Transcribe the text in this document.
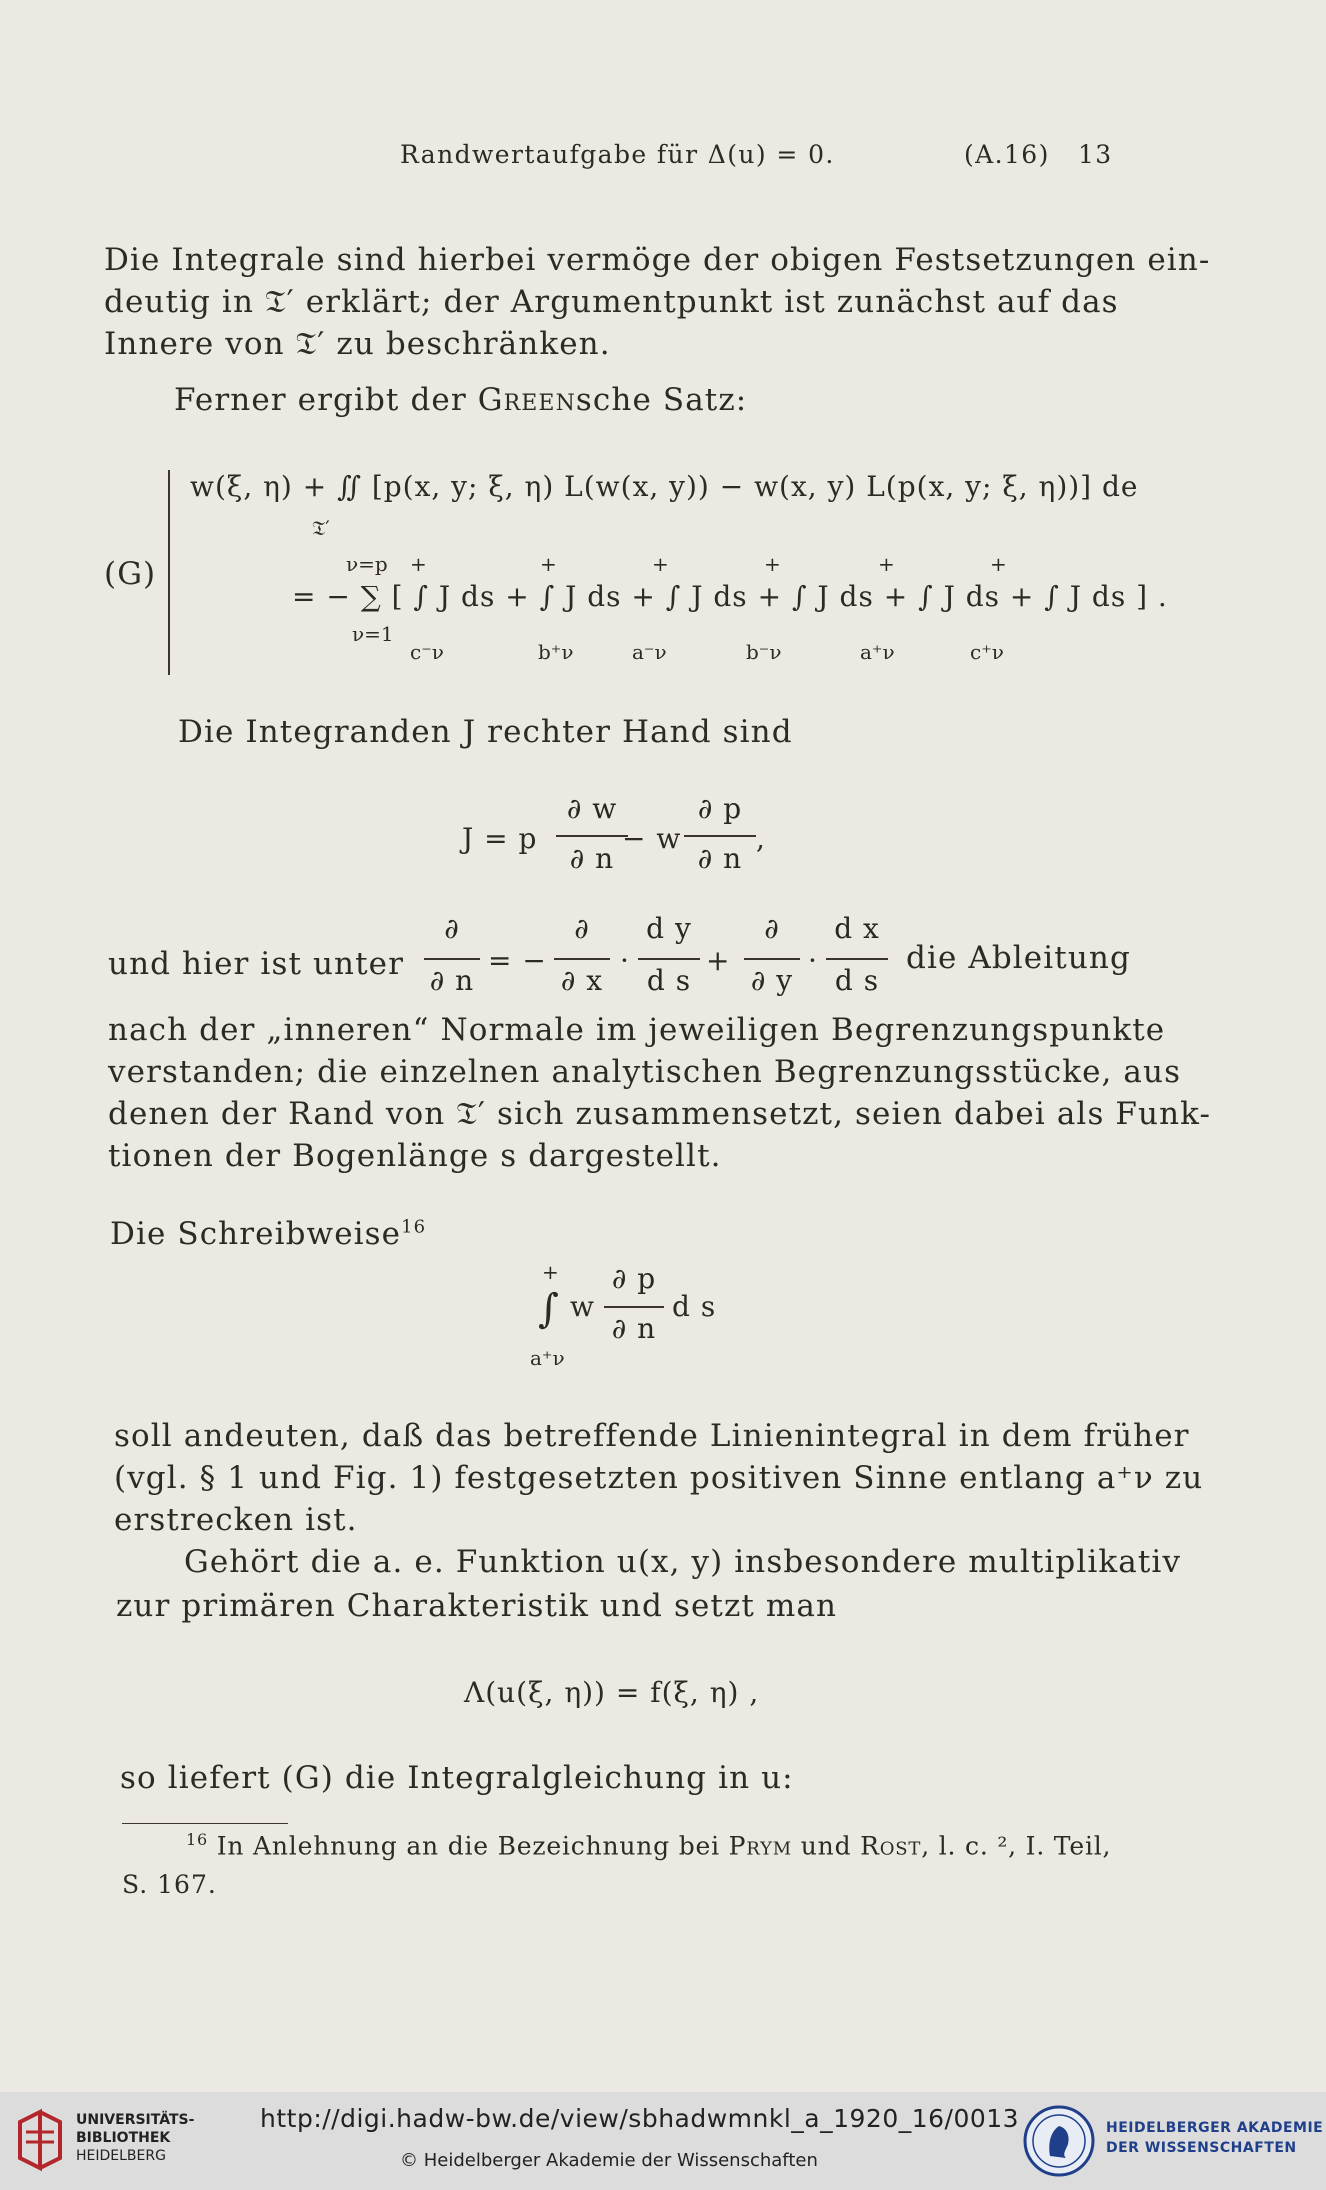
Randwertaufgabe für Δ(u) = 0.	(A.16) 13
Die Integrale sind hierbei vermöge der obigen Festsetzungen ein-
deutig in 𝔗′ erklärt; der Argumentpunkt ist zunächst auf das
Innere von 𝔗′ zu beschränken.
Ferner ergibt der Greensche Satz:
(G)
w(ξ, η) + ∬ [p(x, y; ξ, η) L(w(x, y)) − w(x, y) L(p(x, y; ξ, η))] de
𝔗′
ν=p +	+	+	+	+	+
= − ∑ [ ∫ J ds + ∫ J ds + ∫ J ds + ∫ J ds + ∫ J ds + ∫ J ds ] .
ν=1
c⁻ν	b⁺ν	a⁻ν	b⁻ν	a⁺ν	c⁺ν
Die Integranden J rechter Hand sind
J = p
∂ w
∂ n
− w
∂ p
∂ n
,
und hier ist unter
∂
∂ n
= −
∂
∂ x
·
d y
d s
+
∂
∂ y
·
d x
d s
die Ableitung
nach der „inneren“ Normale im jeweiligen Begrenzungspunkte
verstanden; die einzelnen analytischen Begrenzungsstücke, aus
denen der Rand von 𝔗′ sich zusammensetzt, seien dabei als Funk-
tionen der Bogenlänge s dargestellt.
Die Schreibweise$^{16}$
+
∫ w
∂ p
∂ n
d s
a⁺ν
soll andeuten, daß das betreffende Linienintegral in dem früher
(vgl. § 1 und Fig. 1) festgesetzten positiven Sinne entlang a⁺ν zu
erstrecken ist.
Gehört die a. e. Funktion u(x, y) insbesondere multiplikativ
zur primären Charakteristik und setzt man
Λ(u(ξ, η)) = f(ξ, η) ,
so liefert (G) die Integralgleichung in u:
$^{16}$ In Anlehnung an die Bezeichnung bei Prym und Rost, l. c. ², I. Teil,
S. 167.
UNIVERSITÄTS-
BIBLIOTHEK
HEIDELBERG
http://digi.hadw-bw.de/view/sbhadwmnkl_a_1920_16/0013
© Heidelberger Akademie der Wissenschaften
HEIDELBERGER AKADEMIE
DER WISSENSCHAFTEN
